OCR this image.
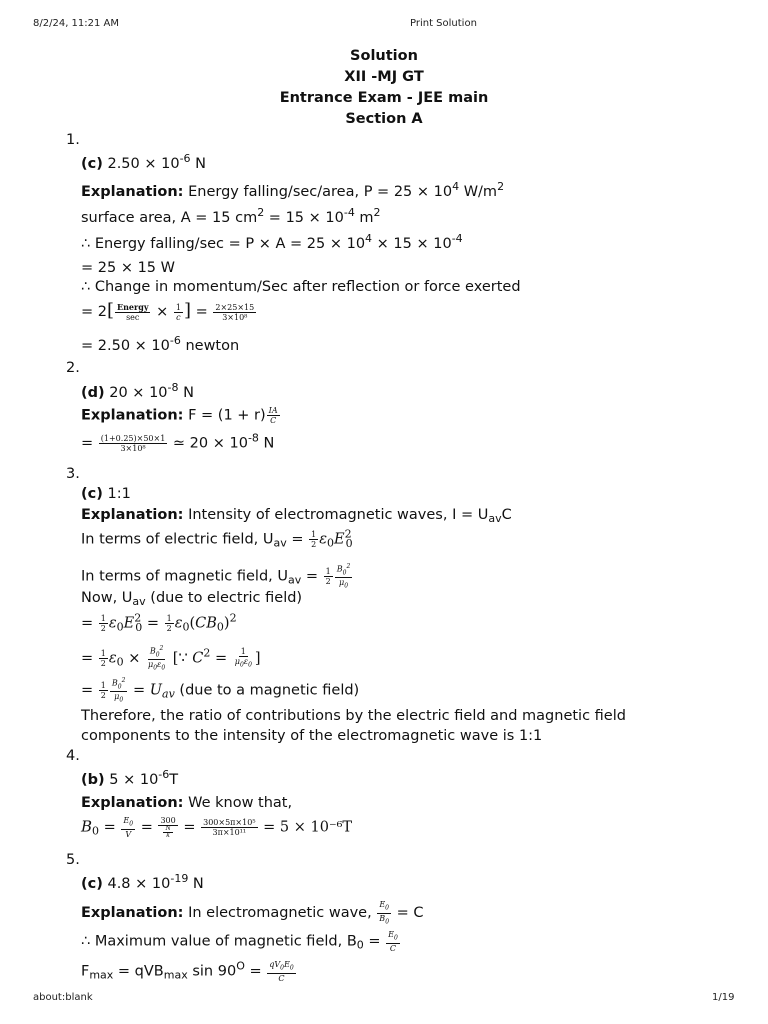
8/2/24, 11:21 AM	Print Solution
about:blank	1/19
Solution
XII -MJ GT
Entrance Exam - JEE main
Section A
1.
(c) $2.50 \times 10^{-6}$ N
Explanation: Energy falling/sec/area, $P = 25 \times 10^4$ $W/m^2$
surface area, A = 15 $cm^2 = 15 \times 10^{-4}$ $m^2$
∴ Energy falling/sec = $P \times A = 25 \times 10^4 \times 15 \times 10^{-4}$
= 25 × 15 W
∴ Change in momentum/Sec after reflection or force exerted
= $2[ \frac{\text{Energy}}{\sec} \times \frac{1}{c}$ ] = $\frac{2\times 25\times 15}{\text{3×10⁸}}$
= $2.50 \times 10^{-6}$ newton
2.
(d) $20 \times 10^{-8}$ N
Explanation: $F = (1 + r) \frac{IA}{C}$
= $\frac{(1+0.25)\times 50\times 1}{\text{3×10⁸}}$ ≃ $20 \times 10^{-8}$ N
3.
(c) 1:1
Explanation: Intensity of electromagnetic waves, $I = U_{av}C$
In terms of electric field, $U_{av} = \frac{1}{2} \varepsilon_0E^2_0$
In terms of magnetic field, $U_{av} = \frac{1}{2} \frac{B_0^2}{\mu_0}$
Now, $U_{av}$ (due to electric field)
= $\frac{1}{2} \varepsilon_0E^2_0 = \frac{1}{2} \varepsilon_0(CB_0)^2$
= $\frac{1}{2} \varepsilon_0 \times \frac{B_0^2}{\mu_0\varepsilon_0}$ [∵ $C^2 = \frac{1}{\mu_0\varepsilon_0}$ ]
= $\frac{1}{2} \frac{B_0^2}{\mu_0} = U_{av}$ (due to a magnetic field)
Therefore, the ratio of contributions by the electric field and magnetic field components to the intensity of the electromagnetic wave is 1:1
4.
(b) $5 \times 10^{-6}T$
Explanation: We know that,
$B_0 = \frac{E_0}{V} = \frac{300}{\frac{N}{k}} = \frac{\text{300×5π×10⁵}}{\text{3π×10¹¹}} = 5 \times 10^{-6}T$
5.
(c) $4.8 \times 10^{-19}$ N
Explanation: In electromagnetic wave, $\frac{E_0}{B_0} = C$
∴ Maximum value of magnetic field, $B_0 = \frac{E_0}{C}$
$F_{max} = qVB_{max}$ $\sin 90^O = \frac{qV_0E_0}{C}$
